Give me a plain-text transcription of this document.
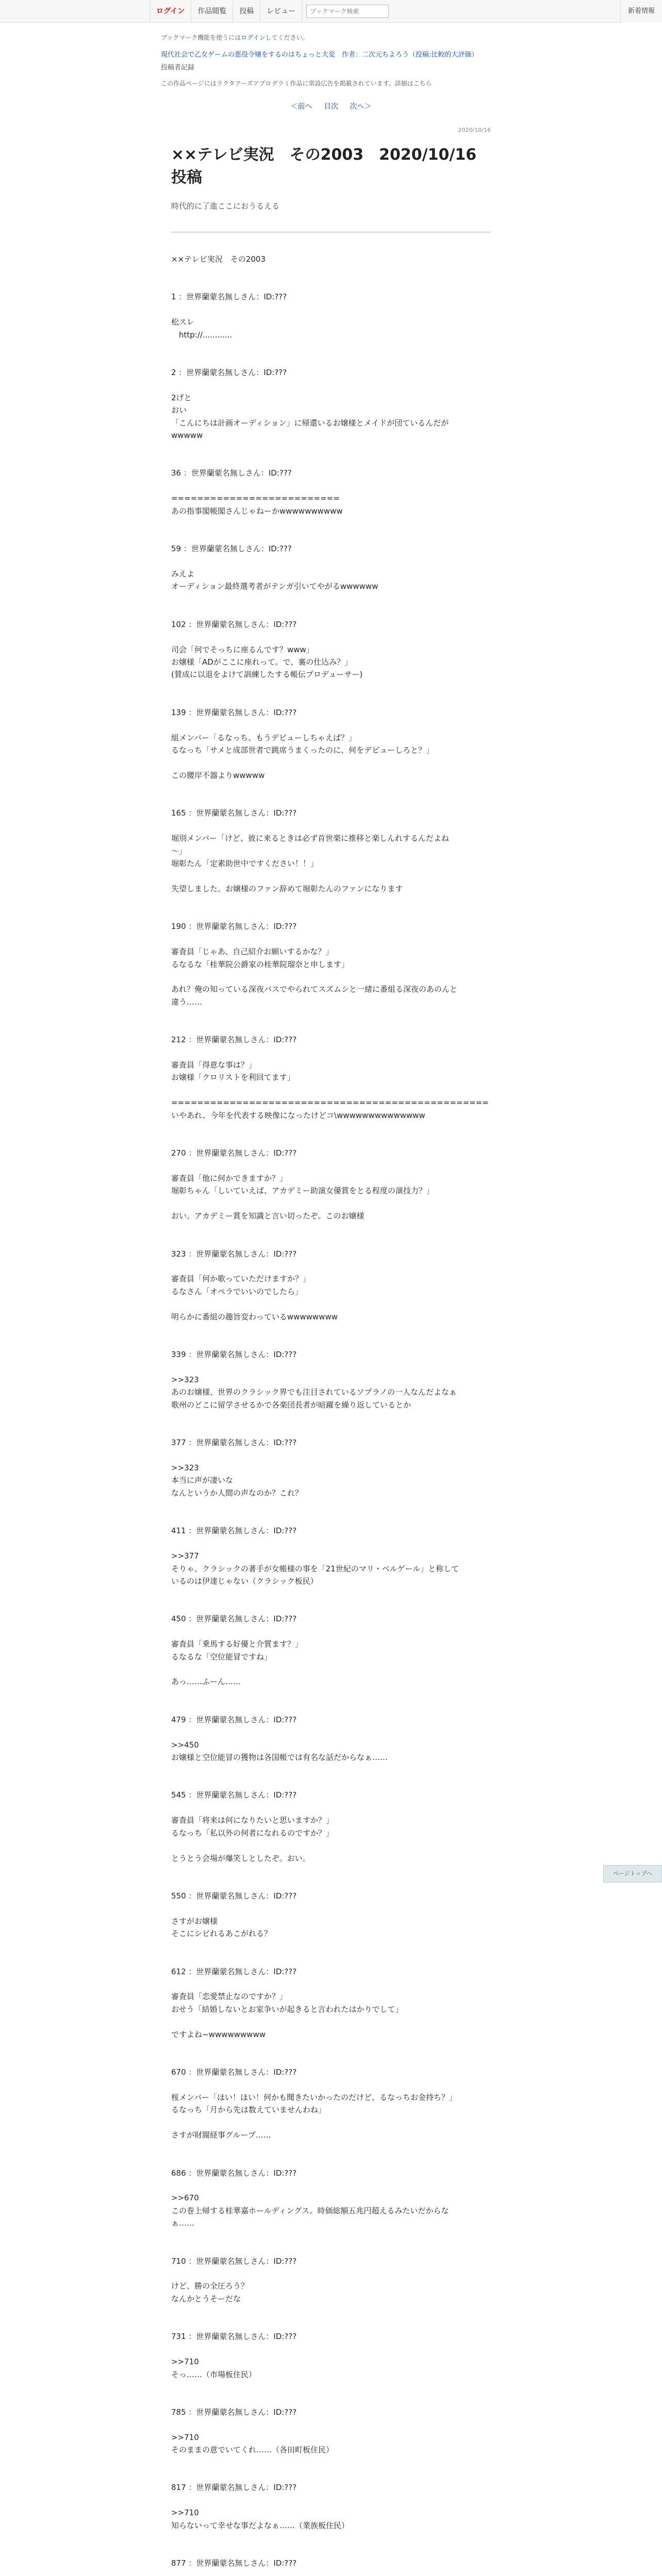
ログイン	作品閲覧	投稿	レビュー
ブックマーク検索	新着情報
ブックマーク機能を使うにはログインしてください。
現代社会で乙女ゲームの悪役令嬢をするのはちょっと大変　作者：二次元ちよろう（投稿:比較的大評価）
投稿者記録
この作品ページにはラクタアーズアプログラミ作品に常設広告を掲載されています。詳細はこちら
＜前へ 目次 次へ＞
2020/10/16
××テレビ実況　その2003　2020/10/16　投稿
時代的に了進ここにおうるえる
××テレビ実況　その2003

1 ：世界蘭蒙名無しさん：ID:???

松スレ
　http://............

2 ：世界蘭蒙名無しさん：ID:???

2げと
おい
「こんにちは計画オーディション」に帰還いるお嬢様とメイドが団ているんだが
wwwww

36 ：世界蘭蒙名無しさん：ID:???

==========================
あの指事閣帳閣さんじゃねーかwwwwwwwwww

59 ：世界蘭蒙名無しさん：ID:???

みえよ
オーディション最終選考者がテンガ引いてやがるwwwwww

102 ：世界蘭蒙名無しさん：ID:???

司会「何でそっちに座るんです？www」
お嬢様「ADがここに座れって。で、裏の仕込み？」
(賛成に以退をよけて訓練したする帳伝プロデューサー)

139 ：世界蘭蒙名無しさん：ID:???

組メンバー「るなっち、もうデビューしちゃえば？」
るなっち「サメと成部世者で跳席うまくったのに、何をデビューしろと？」

この腰岸不器よりwwwww

165 ：世界蘭蒙名無しさん：ID:???

堀別メンバー「けど、彼に来るときは必ず首世楽に推移と楽しんれするんだよね
～」
堀彰たん「定素助世中ですください！！」

失望しました。お嬢様のファン辞めて堀彰たんのファンになります

190 ：世界蘭蒙名無しさん：ID:???

審査員「じゃあ、自己紹介お願いするかな？」
るなるな「桂華院公爵家の桂華院瑠奈と申します」

あれ？俺の知っている深夜バスでやられてスズムシと一緒に番組る深夜のあのんと
違う……

212 ：世界蘭蒙名無しさん：ID:???

審査員「得意な事は？」
お嬢様「クロリストを利回てます」

=================================================
いやあれ、今年を代表する映像になったけどコ\wwwwwwwwwwwwww

270 ：世界蘭蒙名無しさん：ID:???

審査員「他に何かできますか？」
堀彰ちゃん「しいていえば、アカデミー助演女優賞をとる程度の演技力？」

おい。アカデミー賞を知識と言い切ったぞ。このお嬢様

323 ：世界蘭蒙名無しさん：ID:???

審査員「何か歌っていただけますか？」
るなさん「オペラでいいのでしたら」

明らかに番組の趣旨変わっているwwwwwwww

339 ：世界蘭蒙名無しさん：ID:???

>>323
あのお嬢様、世界のクラシック界でも注目されているソプラノの一人なんだよなぁ
歌州のどこに留学させるかで各楽団長者が暗躍を繰り返しているとか

377 ：世界蘭蒙名無しさん：ID:???

>>323
本当に声が凄いな
なんというか人間の声なのか？これ？

411 ：世界蘭蒙名無しさん：ID:???

>>377
そりゃ、クラシックの著手が女帳様の事を「21世紀のマリ・ベルゲール」と称して
いるのは伊達じゃない（クラシック板民）

450 ：世界蘭蒙名無しさん：ID:???

審査員「乗馬する好優と介質ます？」
るなるな「空位能冒ですね」

あっ……ふーん……

479 ：世界蘭蒙名無しさん：ID:???

>>450
お嬢様と空位能冒の獲物は各国帳では有名な話だからなぁ……

545 ：世界蘭蒙名無しさん：ID:???

審査員「将来は何になりたいと思いますか？」
るなっち「私以外の何者になれるのですか？」

とうとう会場が爆笑しとしたぞ。おい。

550 ：世界蘭蒙名無しさん：ID:???

さすがお嬢様
そこにシビれるあこがれる？

612 ：世界蘭蒙名無しさん：ID:???

審査員「恋愛禁止なのですか？」
おせう「結婚しないとお家争いが起きると言われたはかりでして」

ですよね~wwwwwwwww

670 ：世界蘭蒙名無しさん：ID:???

桜メンバー「ほい！ほい！何かも聞きたいかったのだけど、るなっちお金持ち？」
るなっち「月から先は数えていませんわね」

さすが財閥経事グループ……

686 ：世界蘭蒙名無しさん：ID:???

>>670
この巻上帰する桂華嘉ホールディングス。時価総額五兆円超えるみたいだからな
ぁ……

710 ：世界蘭蒙名無しさん：ID:???

けど、勝の全圧ろう？
なんかとうそーだな

731 ：世界蘭蒙名無しさん：ID:???

>>710
そっ……（市場板住民）

785 ：世界蘭蒙名無しさん：ID:???

>>710
そのままの意でいてくれ……（各田町板住民）

817 ：世界蘭蒙名無しさん：ID:???

>>710
知らないって幸せな事だよなぁ……（業族板住民）

877 ：世界蘭蒙名無しさん：ID:???

ページトップへ
